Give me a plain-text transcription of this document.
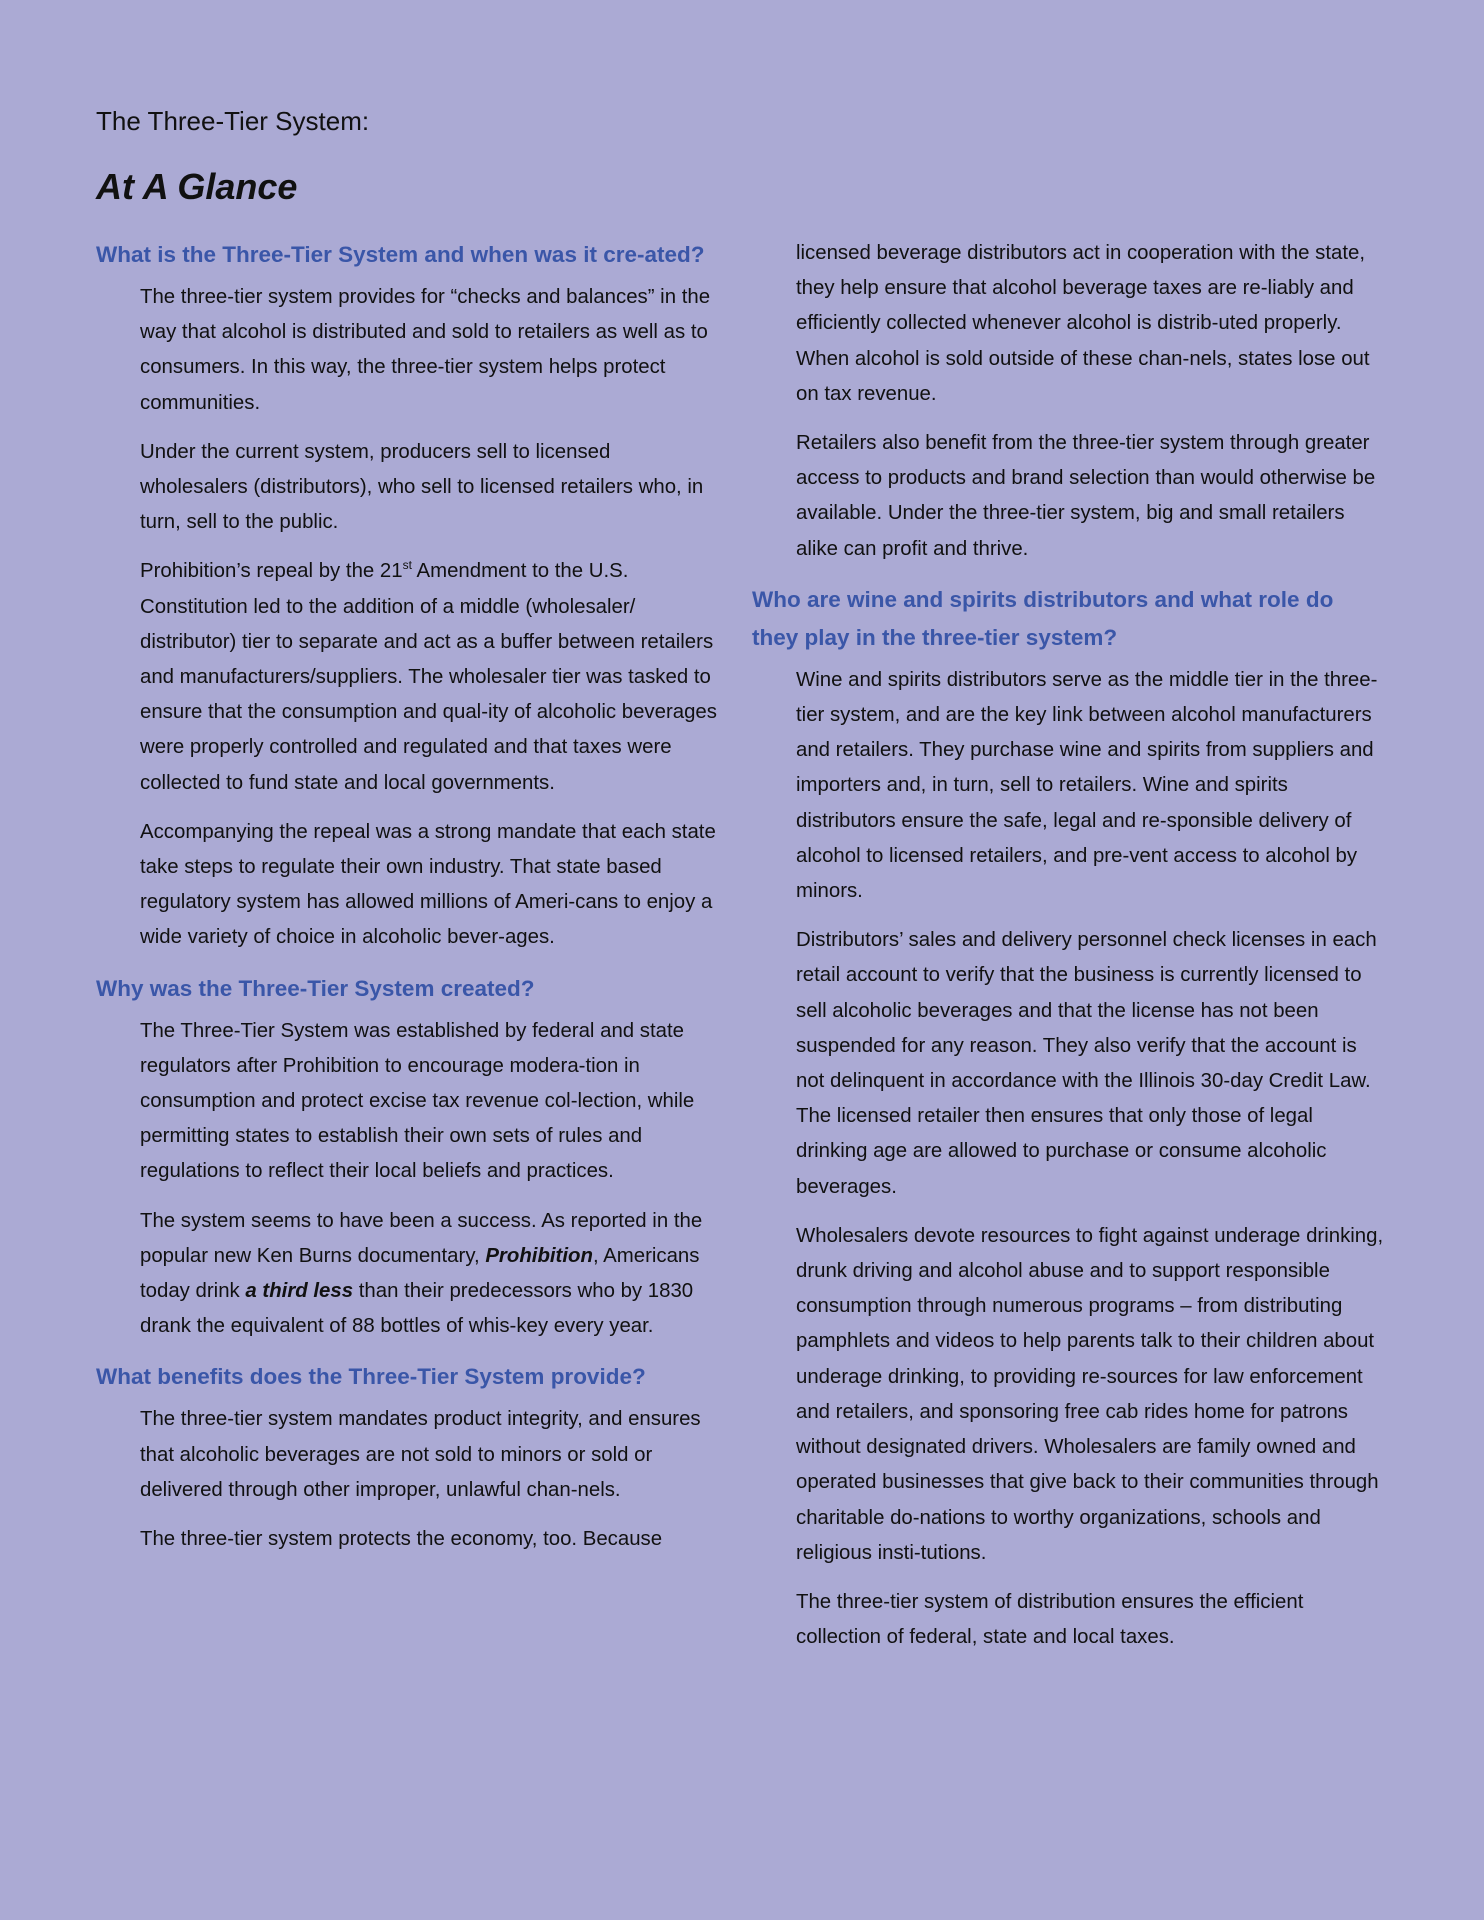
The Three-Tier System:
At A Glance
What is the Three-Tier System and when was it cre-ated?

The three-tier system provides for “checks and balances” in the way that alcohol is distributed and sold to retailers as well as to consumers. In this way, the three-tier system helps protect communities.

Under the current system, producers sell to licensed wholesalers (distributors), who sell to licensed retailers who, in turn, sell to the public.

Prohibition’s repeal by the 21st Amendment to the U.S. Constitution led to the addition of a middle (wholesaler/ distributor) tier to separate and act as a buffer between retailers and manufacturers/suppliers. The wholesaler tier was tasked to ensure that the consumption and qual-ity of alcoholic beverages were properly controlled and regulated and that taxes were collected to fund state and local governments.

Accompanying the repeal was a strong mandate that each state take steps to regulate their own industry. That state based regulatory system has allowed millions of Ameri-cans to enjoy a wide variety of choice in alcoholic bever-ages.

Why was the Three-Tier System created?

The Three-Tier System was established by federal and state regulators after Prohibition to encourage modera-tion in consumption and protect excise tax revenue col-lection, while permitting states to establish their own sets of rules and regulations to reflect their local beliefs and practices.

The system seems to have been a success. As reported in the popular new Ken Burns documentary, Prohibition, Americans today drink a third less than their predecessors who by 1830 drank the equivalent of 88 bottles of whis-key every year.

What benefits does the Three-Tier System provide?

The three-tier system mandates product integrity, and ensures that alcoholic beverages are not sold to minors or sold or delivered through other improper, unlawful chan-nels.

The three-tier system protects the economy, too. Because

licensed beverage distributors act in cooperation with the state, they help ensure that alcohol beverage taxes are re-liably and efficiently collected whenever alcohol is distrib-uted properly. When alcohol is sold outside of these chan-nels, states lose out on tax revenue.

Retailers also benefit from the three-tier system through greater access to products and brand selection than would otherwise be available. Under the three-tier system, big and small retailers alike can profit and thrive.

Who are wine and spirits distributors and what role do they play in the three-tier system?

Wine and spirits distributors serve as the middle tier in the three-tier system, and are the key link between alcohol manufacturers and retailers. They purchase wine and spirits from suppliers and importers and, in turn, sell to retailers. Wine and spirits distributors ensure the safe, legal and re-sponsible delivery of alcohol to licensed retailers, and pre-vent access to alcohol by minors.

Distributors’ sales and delivery personnel check licenses in each retail account to verify that the business is currently licensed to sell alcoholic beverages and that the license has not been suspended for any reason. They also verify that the account is not delinquent in accordance with the Illinois 30-day Credit Law. The licensed retailer then ensures that only those of legal drinking age are allowed to purchase or consume alcoholic beverages.

Wholesalers devote resources to fight against underage drinking, drunk driving and alcohol abuse and to support responsible consumption through numerous programs – from distributing pamphlets and videos to help parents talk to their children about underage drinking, to providing re-sources for law enforcement and retailers, and sponsoring free cab rides home for patrons without designated drivers. Wholesalers are family owned and operated businesses that give back to their communities through charitable do-nations to worthy organizations, schools and religious insti-tutions.

The three-tier system of distribution ensures the efficient collection of federal, state and local taxes.
